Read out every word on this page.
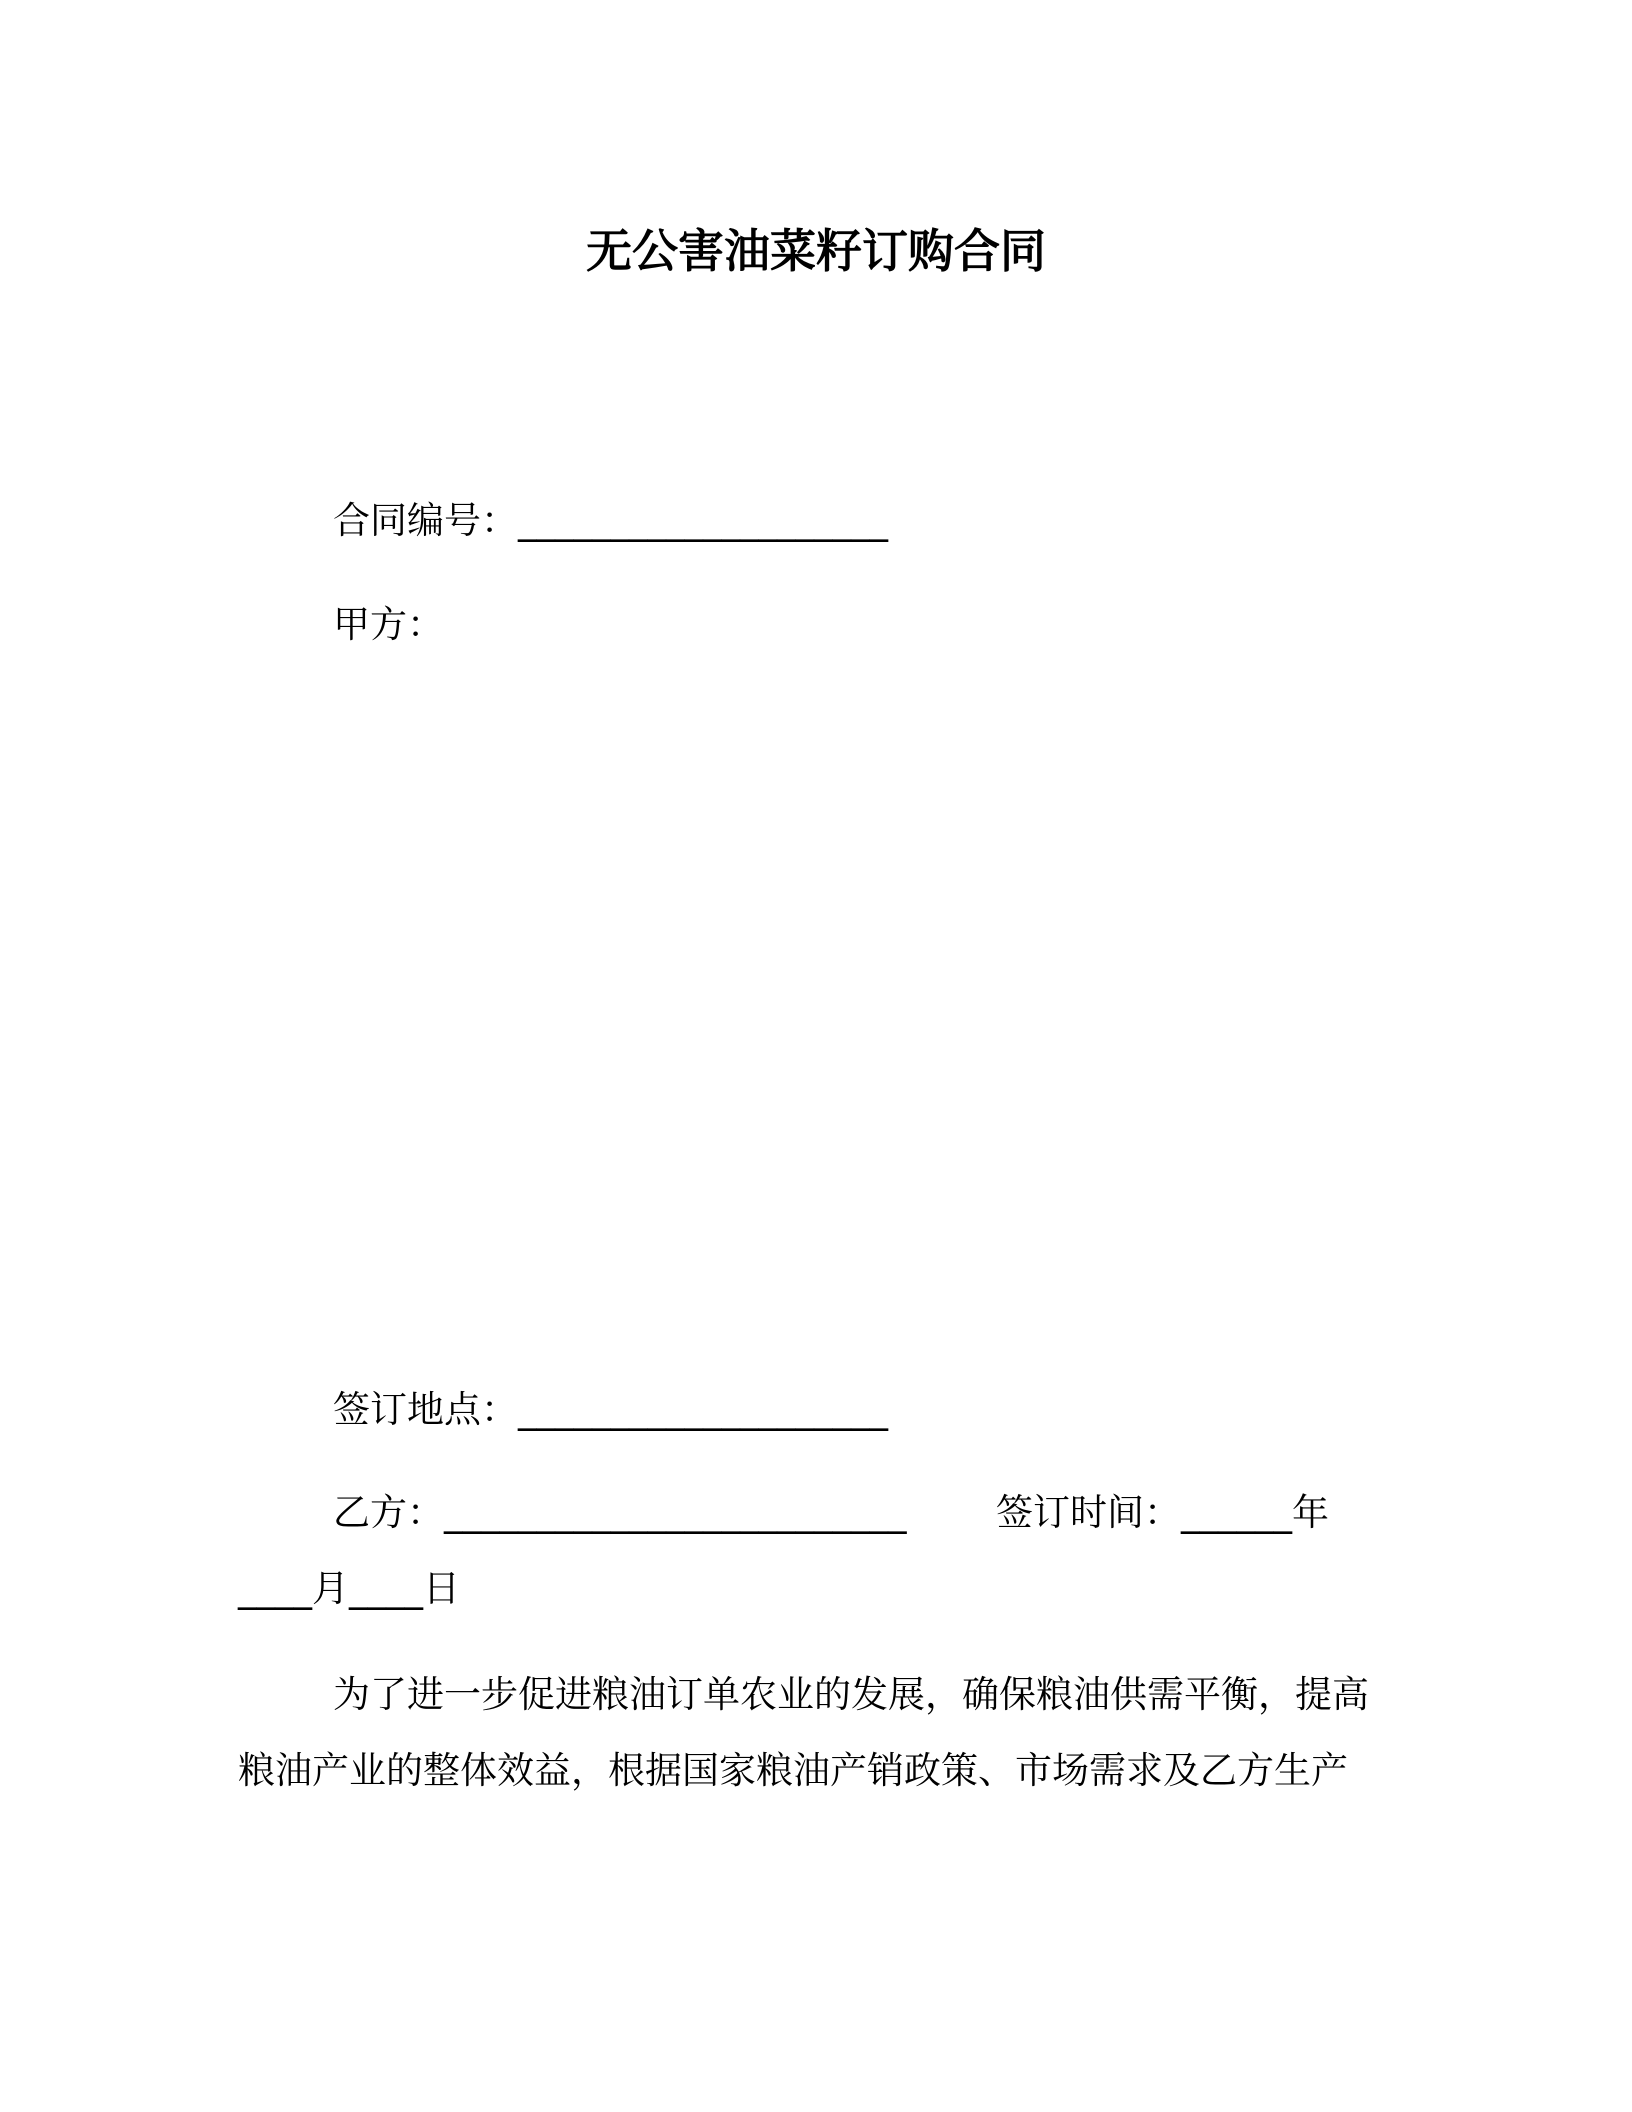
无公害油菜籽订购合同
合同编号：____________________
甲方：
签订地点：____________________
乙方：_________________________ 签订时间：______年
____月____日
为了进一步促进粮油订单农业的发展，确保粮油供需平衡，提高
粮油产业的整体效益，根据国家粮油产销政策、市场需求及乙方生产
